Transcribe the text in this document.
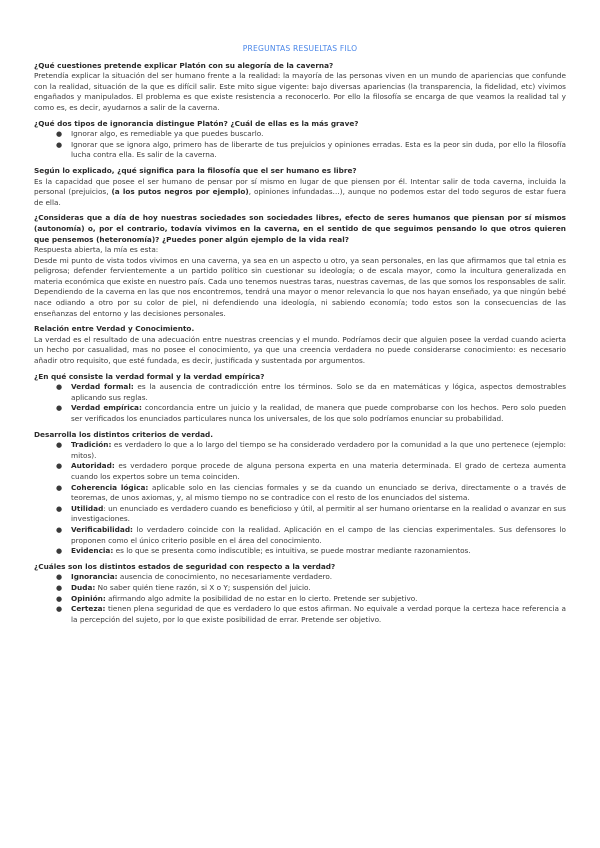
PREGUNTAS RESUELTAS FILO

¿Qué cuestiones pretende explicar Platón con su alegoría de la caverna?

Pretendía explicar la situación del ser humano frente a la realidad: la mayoría de las personas viven en un mundo de apariencias que confunde con la realidad, situación de la que es difícil salir. Este mito sigue vigente: bajo diversas apariencias (la transparencia, la fidelidad, etc) vivimos engañados y manipulados. El problema es que existe resistencia a reconocerlo. Por ello la filosofía se encarga de que veamos la realidad tal y como es, es decir, ayudarnos a salir de la caverna.

¿Qué dos tipos de ignorancia distingue Platón? ¿Cuál de ellas es la más grave?

● Ignorar algo, es remediable ya que puedes buscarlo.
● Ignorar que se ignora algo, primero has de liberarte de tus prejuicios y opiniones erradas. Esta es la peor sin duda, por ello la filosofía lucha contra ella. Es salir de la caverna.

Según lo explicado, ¿qué significa para la filosofía que el ser humano es libre?

Es la capacidad que posee el ser humano de pensar por sí mismo en lugar de que piensen por él. Intentar salir de toda caverna, incluida la personal (prejuicios, (a los putos negros por ejemplo), opiniones infundadas…), aunque no podemos estar del todo seguros de estar fuera de ella.

¿Consideras que a día de hoy nuestras sociedades son sociedades libres, efecto de seres humanos que piensan por sí mismos (autonomía) o, por el contrario, todavía vivimos en la caverna, en el sentido de que seguimos pensando lo que otros quieren que pensemos (heteronomía)? ¿Puedes poner algún ejemplo de la vida real?

Respuesta abierta, la mía es esta:

Desde mi punto de vista todos vivimos en una caverna, ya sea en un aspecto u otro, ya sean personales, en las que afirmamos que tal etnia es peligrosa; defender fervientemente a un partido político sin cuestionar su ideología; o de escala mayor, como la incultura generalizada en materia económica que existe en nuestro país. Cada uno tenemos nuestras taras, nuestras cavernas, de las que somos los responsables de salir. Dependiendo de la caverna en las que nos encontremos, tendrá una mayor o menor relevancia lo que nos hayan enseñado, ya que ningún bebé nace odiando a otro por su color de piel, ni defendiendo una ideología, ni sabiendo economía; todo estos son la consecuencias de las enseñanzas del entorno y las decisiones personales.

Relación entre Verdad y Conocimiento.

La verdad es el resultado de una adecuación entre nuestras creencias y el mundo. Podríamos decir que alguien posee la verdad cuando acierta un hecho por casualidad, mas no posee el conocimiento, ya que una creencia verdadera no puede considerarse conocimiento: es necesario añadir otro requisito, que esté fundada, es decir, justificada y sustentada por argumentos.

¿En qué consiste la verdad formal y la verdad empírica?

● Verdad formal: es la ausencia de contradicción entre los términos. Solo se da en matemáticas y lógica, aspectos demostrables aplicando sus reglas.
● Verdad empírica: concordancia entre un juicio y la realidad, de manera que puede comprobarse con los hechos. Pero solo pueden ser verificados los enunciados particulares nunca los universales, de los que solo podríamos enunciar su probabilidad.

Desarrolla los distintos criterios de verdad.

● Tradición: es verdadero lo que a lo largo del tiempo se ha considerado verdadero por la comunidad a la que uno pertenece (ejemplo: mitos).
● Autoridad: es verdadero porque procede de alguna persona experta en una materia determinada. El grado de certeza aumenta cuando los expertos sobre un tema coinciden.
● Coherencia lógica: aplicable solo en las ciencias formales y se da cuando un enunciado se deriva, directamente o a través de teoremas, de unos axiomas, y, al mismo tiempo no se contradice con el resto de los enunciados del sistema.
● Utilidad: un enunciado es verdadero cuando es beneficioso y útil, al permitir al ser humano orientarse en la realidad o avanzar en sus investigaciones.
● Verificabilidad: lo verdadero coincide con la realidad. Aplicación en el campo de las ciencias experimentales. Sus defensores lo proponen como el único criterio posible en el área del conocimiento.
● Evidencia: es lo que se presenta como indiscutible; es intuitiva, se puede mostrar mediante razonamientos.

¿Cuáles son los distintos estados de seguridad con respecto a la verdad?

● Ignorancia: ausencia de conocimiento, no necesariamente verdadero.
● Duda: No saber quién tiene razón, si X o Y; suspensión del juicio.
● Opinión: afirmando algo admite la posibilidad de no estar en lo cierto. Pretende ser subjetivo.
● Certeza: tienen plena seguridad de que es verdadero lo que estos afirman. No equivale a verdad porque la certeza hace referencia a la percepción del sujeto, por lo que existe posibilidad de errar. Pretende ser objetivo.
